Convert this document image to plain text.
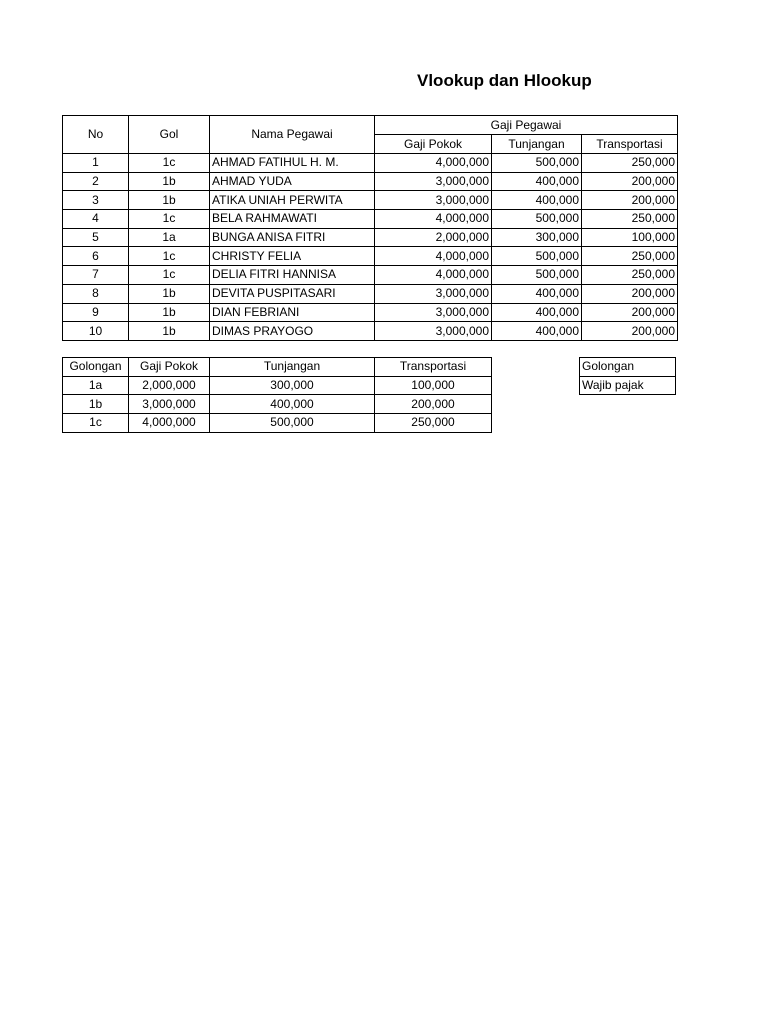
Vlookup dan Hlookup
No	Gol	Nama Pegawai	Gaji Pegawai		
			Gaji Pokok	Tunjangan	Transportasi
1	1c	AHMAD FATIHUL H. M.	4,000,000	500,000	250,000
2	1b	AHMAD YUDA	3,000,000	400,000	200,000
3	1b	ATIKA UNIAH PERWITA	3,000,000	400,000	200,000
4	1c	BELA RAHMAWATI	4,000,000	500,000	250,000
5	1a	BUNGA ANISA FITRI	2,000,000	300,000	100,000
6	1c	CHRISTY FELIA	4,000,000	500,000	250,000
7	1c	DELIA FITRI HANNISA	4,000,000	500,000	250,000
8	1b	DEVITA PUSPITASARI	3,000,000	400,000	200,000
9	1b	DIAN FEBRIANI	3,000,000	400,000	200,000
10	1b	DIMAS PRAYOGO	3,000,000	400,000	200,000
Golongan	Gaji Pokok	Tunjangan	Transportasi
1a	2,000,000	300,000	100,000
1b	3,000,000	400,000	200,000
1c	4,000,000	500,000	250,000
Golongan
Wajib pajak
